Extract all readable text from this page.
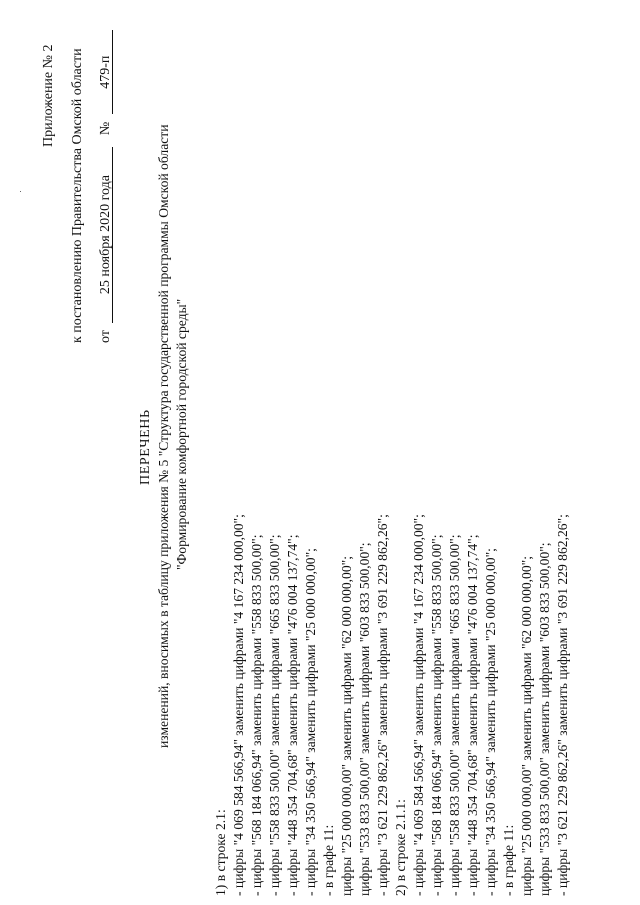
Приложение № 2 к постановлению Правительства Омской области от 25 ноября 2020 года № 479-п
ПЕРЕЧЕНЬ изменений, вносимых в таблицу приложения № 5 "Структура государственной программы Омской области "Формирование комфортной городской среды"
1) в строке 2.1: - цифры "4 069 584 566,94" заменить цифрами "4 167 234 000,00"; - цифры "568 184 066,94" заменить цифрами "558 833 500,00"; - цифры "558 833 500,00" заменить цифрами "665 833 500,00"; - цифры "448 354 704,68" заменить цифрами "476 004 137,74"; - цифры "34 350 566,94" заменить цифрами "25 000 000,00"; - в графе 11: цифры "25 000 000,00" заменить цифрами "62 000 000,00"; цифры "533 833 500,00" заменить цифрами "603 833 500,00"; - цифры "3 621 229 862,26" заменить цифрами "3 691 229 862,26"; 2) в строке 2.1.1: - цифры "4 069 584 566,94" заменить цифрами "4 167 234 000,00"; - цифры "568 184 066,94" заменить цифрами "558 833 500,00"; - цифры "558 833 500,00" заменить цифрами "665 833 500,00"; - цифры "448 354 704,68" заменить цифрами "476 004 137,74"; - цифры "34 350 566,94" заменить цифрами "25 000 000,00"; - в графе 11: цифры "25 000 000,00" заменить цифрами "62 000 000,00"; цифры "533 833 500,00" заменить цифрами "603 833 500,00"; - цифры "3 621 229 862,26" заменить цифрами "3 691 229 862,26";
